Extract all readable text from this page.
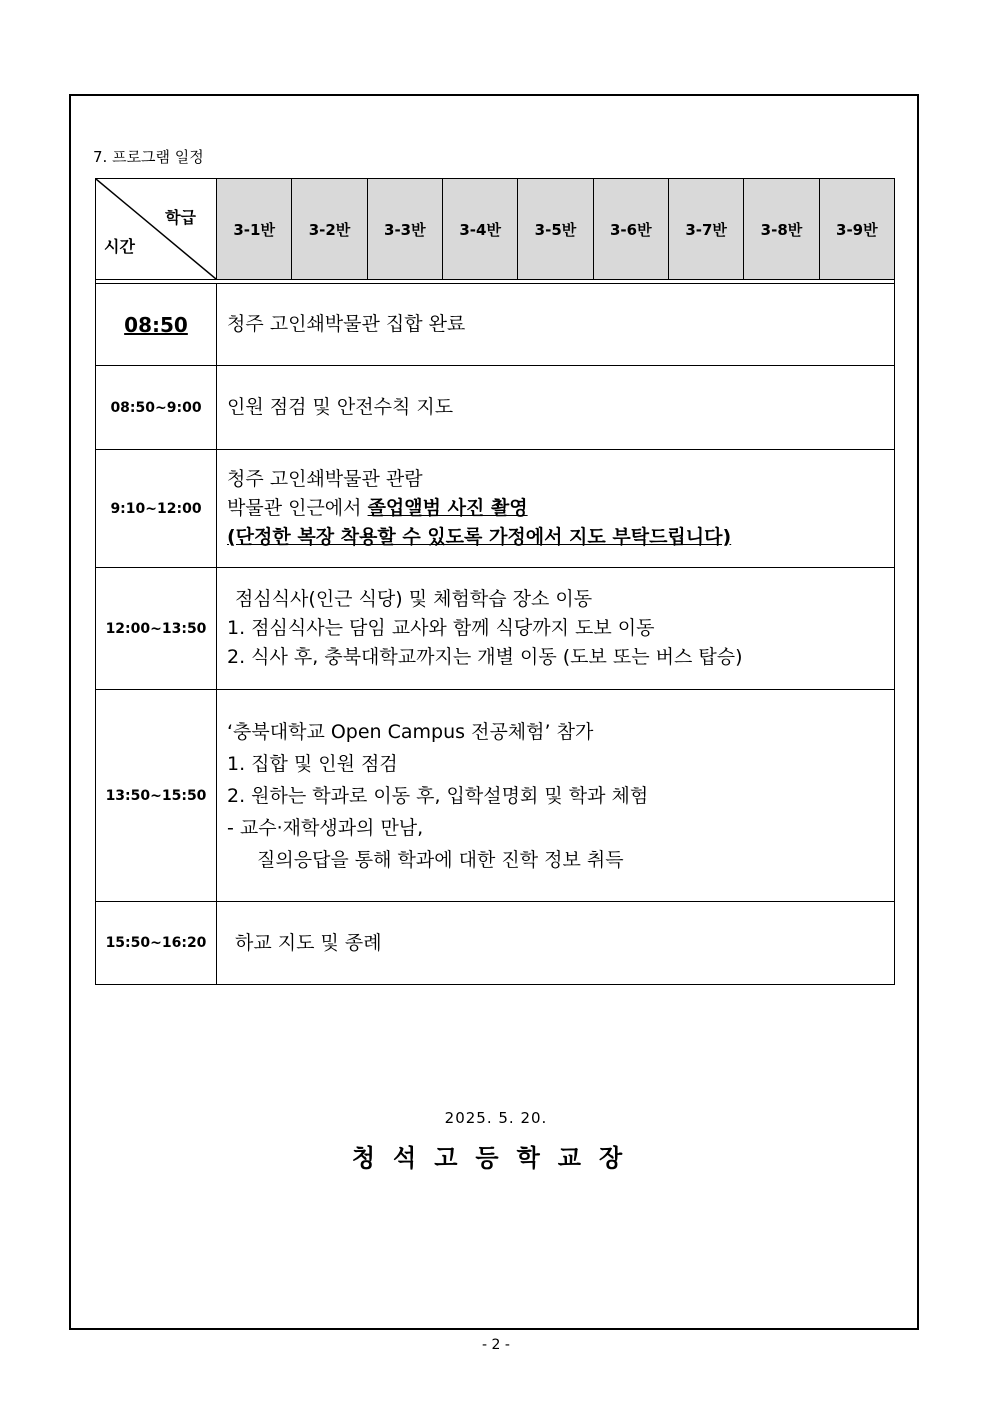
7. 프로그램 일정
학급
시간	3-1반	3-2반	3-3반	3-4반	3-5반	3-6반	3-7반	3-8반	3-9반

08:50	청주 고인쇄박물관 집합 완료								

08:50~9:00	인원 점검 및 안전수칙 지도								

9:10~12:00	청주 고인쇄박물관 관람
박물관 인근에서 졸업앨범 사진 촬영
(단정한 복장 착용할 수 있도록 가정에서 지도 부탁드립니다)								

12:00~13:50	점심식사(인근 식당) 및 체험학습 장소 이동
1. 점심식사는 담임 교사와 함께 식당까지 도보 이동
2. 식사 후, 충북대학교까지는 개별 이동 (도보 또는 버스 탑승)								

13:50~15:50	‘충북대학교 Open Campus 전공체험’ 참가
1. 집합 및 인원 점검
2. 원하는 학과로 이동 후, 입학설명회 및 학과 체험
- 교수·재학생과의 만남,
질의응답을 통해 학과에 대한 진학 정보 취득								

15:50~16:20	하교 지도 및 종례								
2025. 5. 20.
청석고등학교장
- 2 -
